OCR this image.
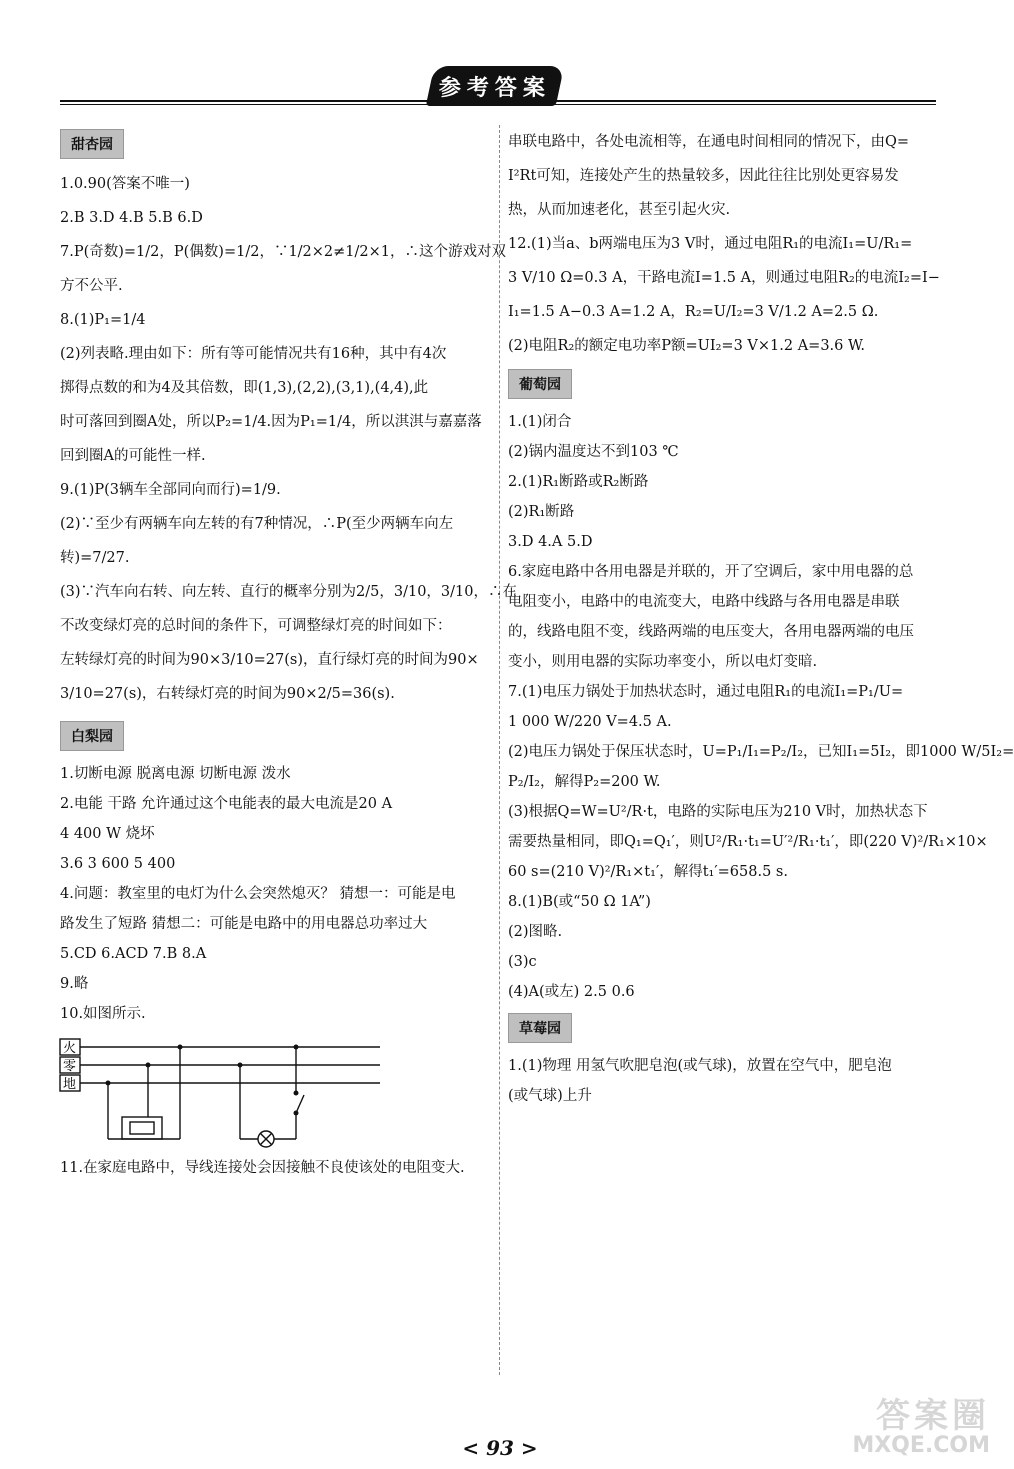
参考答案
甜杏园
1.0.90(答案不唯一)
2.B 3.D 4.B 5.B 6.D
7.P(奇数)=1/2，P(偶数)=1/2，∵1/2×2≠1/2×1，∴这个游戏对双
方不公平.
8.(1)P₁=1/4
(2)列表略.理由如下：所有等可能情况共有16种，其中有4次
掷得点数的和为4及其倍数，即(1,3),(2,2),(3,1),(4,4),此
时可落回到圈A处，所以P₂=1/4.因为P₁=1/4，所以淇淇与嘉嘉落
回到圈A的可能性一样.
9.(1)P(3辆车全部同向而行)=1/9.
(2)∵至少有两辆车向左转的有7种情况，∴P(至少两辆车向左
转)=7/27.
(3)∵汽车向右转、向左转、直行的概率分别为2/5，3/10，3/10，∴在
不改变绿灯亮的总时间的条件下，可调整绿灯亮的时间如下：
左转绿灯亮的时间为90×3/10=27(s)，直行绿灯亮的时间为90×
3/10=27(s)，右转绿灯亮的时间为90×2/5=36(s).
白梨园
1.切断电源 脱离电源 切断电源 泼水
2.电能 干路 允许通过这个电能表的最大电流是20 A
4 400 W 烧坏
3.6 3 600 5 400
4.问题：教室里的电灯为什么会突然熄灭？ 猜想一：可能是电
路发生了短路 猜想二：可能是电路中的用电器总功率过大
5.CD 6.ACD 7.B 8.A
9.略
10.如图所示.
火
零
地
11.在家庭电路中，导线连接处会因接触不良使该处的电阻变大.
串联电路中，各处电流相等，在通电时间相同的情况下，由Q=
I²Rt可知，连接处产生的热量较多，因此往往比别处更容易发
热，从而加速老化，甚至引起火灾.
12.(1)当a、b两端电压为3 V时，通过电阻R₁的电流I₁=U/R₁=
3 V/10 Ω=0.3 A，干路电流I=1.5 A，则通过电阻R₂的电流I₂=I−
I₁=1.5 A−0.3 A=1.2 A，R₂=U/I₂=3 V/1.2 A=2.5 Ω.
(2)电阻R₂的额定电功率P额=UI₂=3 V×1.2 A=3.6 W.
葡萄园
1.(1)闭合
(2)锅内温度达不到103 ℃
2.(1)R₁断路或R₂断路
(2)R₁断路
3.D 4.A 5.D
6.家庭电路中各用电器是并联的，开了空调后，家中用电器的总
电阻变小，电路中的电流变大，电路中线路与各用电器是串联
的，线路电阻不变，线路两端的电压变大，各用电器两端的电压
变小，则用电器的实际功率变小，所以电灯变暗.
7.(1)电压力锅处于加热状态时，通过电阻R₁的电流I₁=P₁/U=
1 000 W/220 V=4.5 A.
(2)电压力锅处于保压状态时，U=P₁/I₁=P₂/I₂，已知I₁=5I₂，即1000 W/5I₂=
P₂/I₂，解得P₂=200 W.
(3)根据Q=W=U²/R·t，电路的实际电压为210 V时，加热状态下
需要热量相同，即Q₁=Q₁′，则U²/R₁·t₁=U′²/R₁·t₁′，即(220 V)²/R₁×10×
60 s=(210 V)²/R₁×t₁′，解得t₁′=658.5 s.
8.(1)B(或“50 Ω 1A”)
(2)图略.
(3)c
(4)A(或左) 2.5 0.6
草莓园
1.(1)物理 用氢气吹肥皂泡(或气球)，放置在空气中，肥皂泡
(或气球)上升
< 93 >
答案圈
MXQE.COM
